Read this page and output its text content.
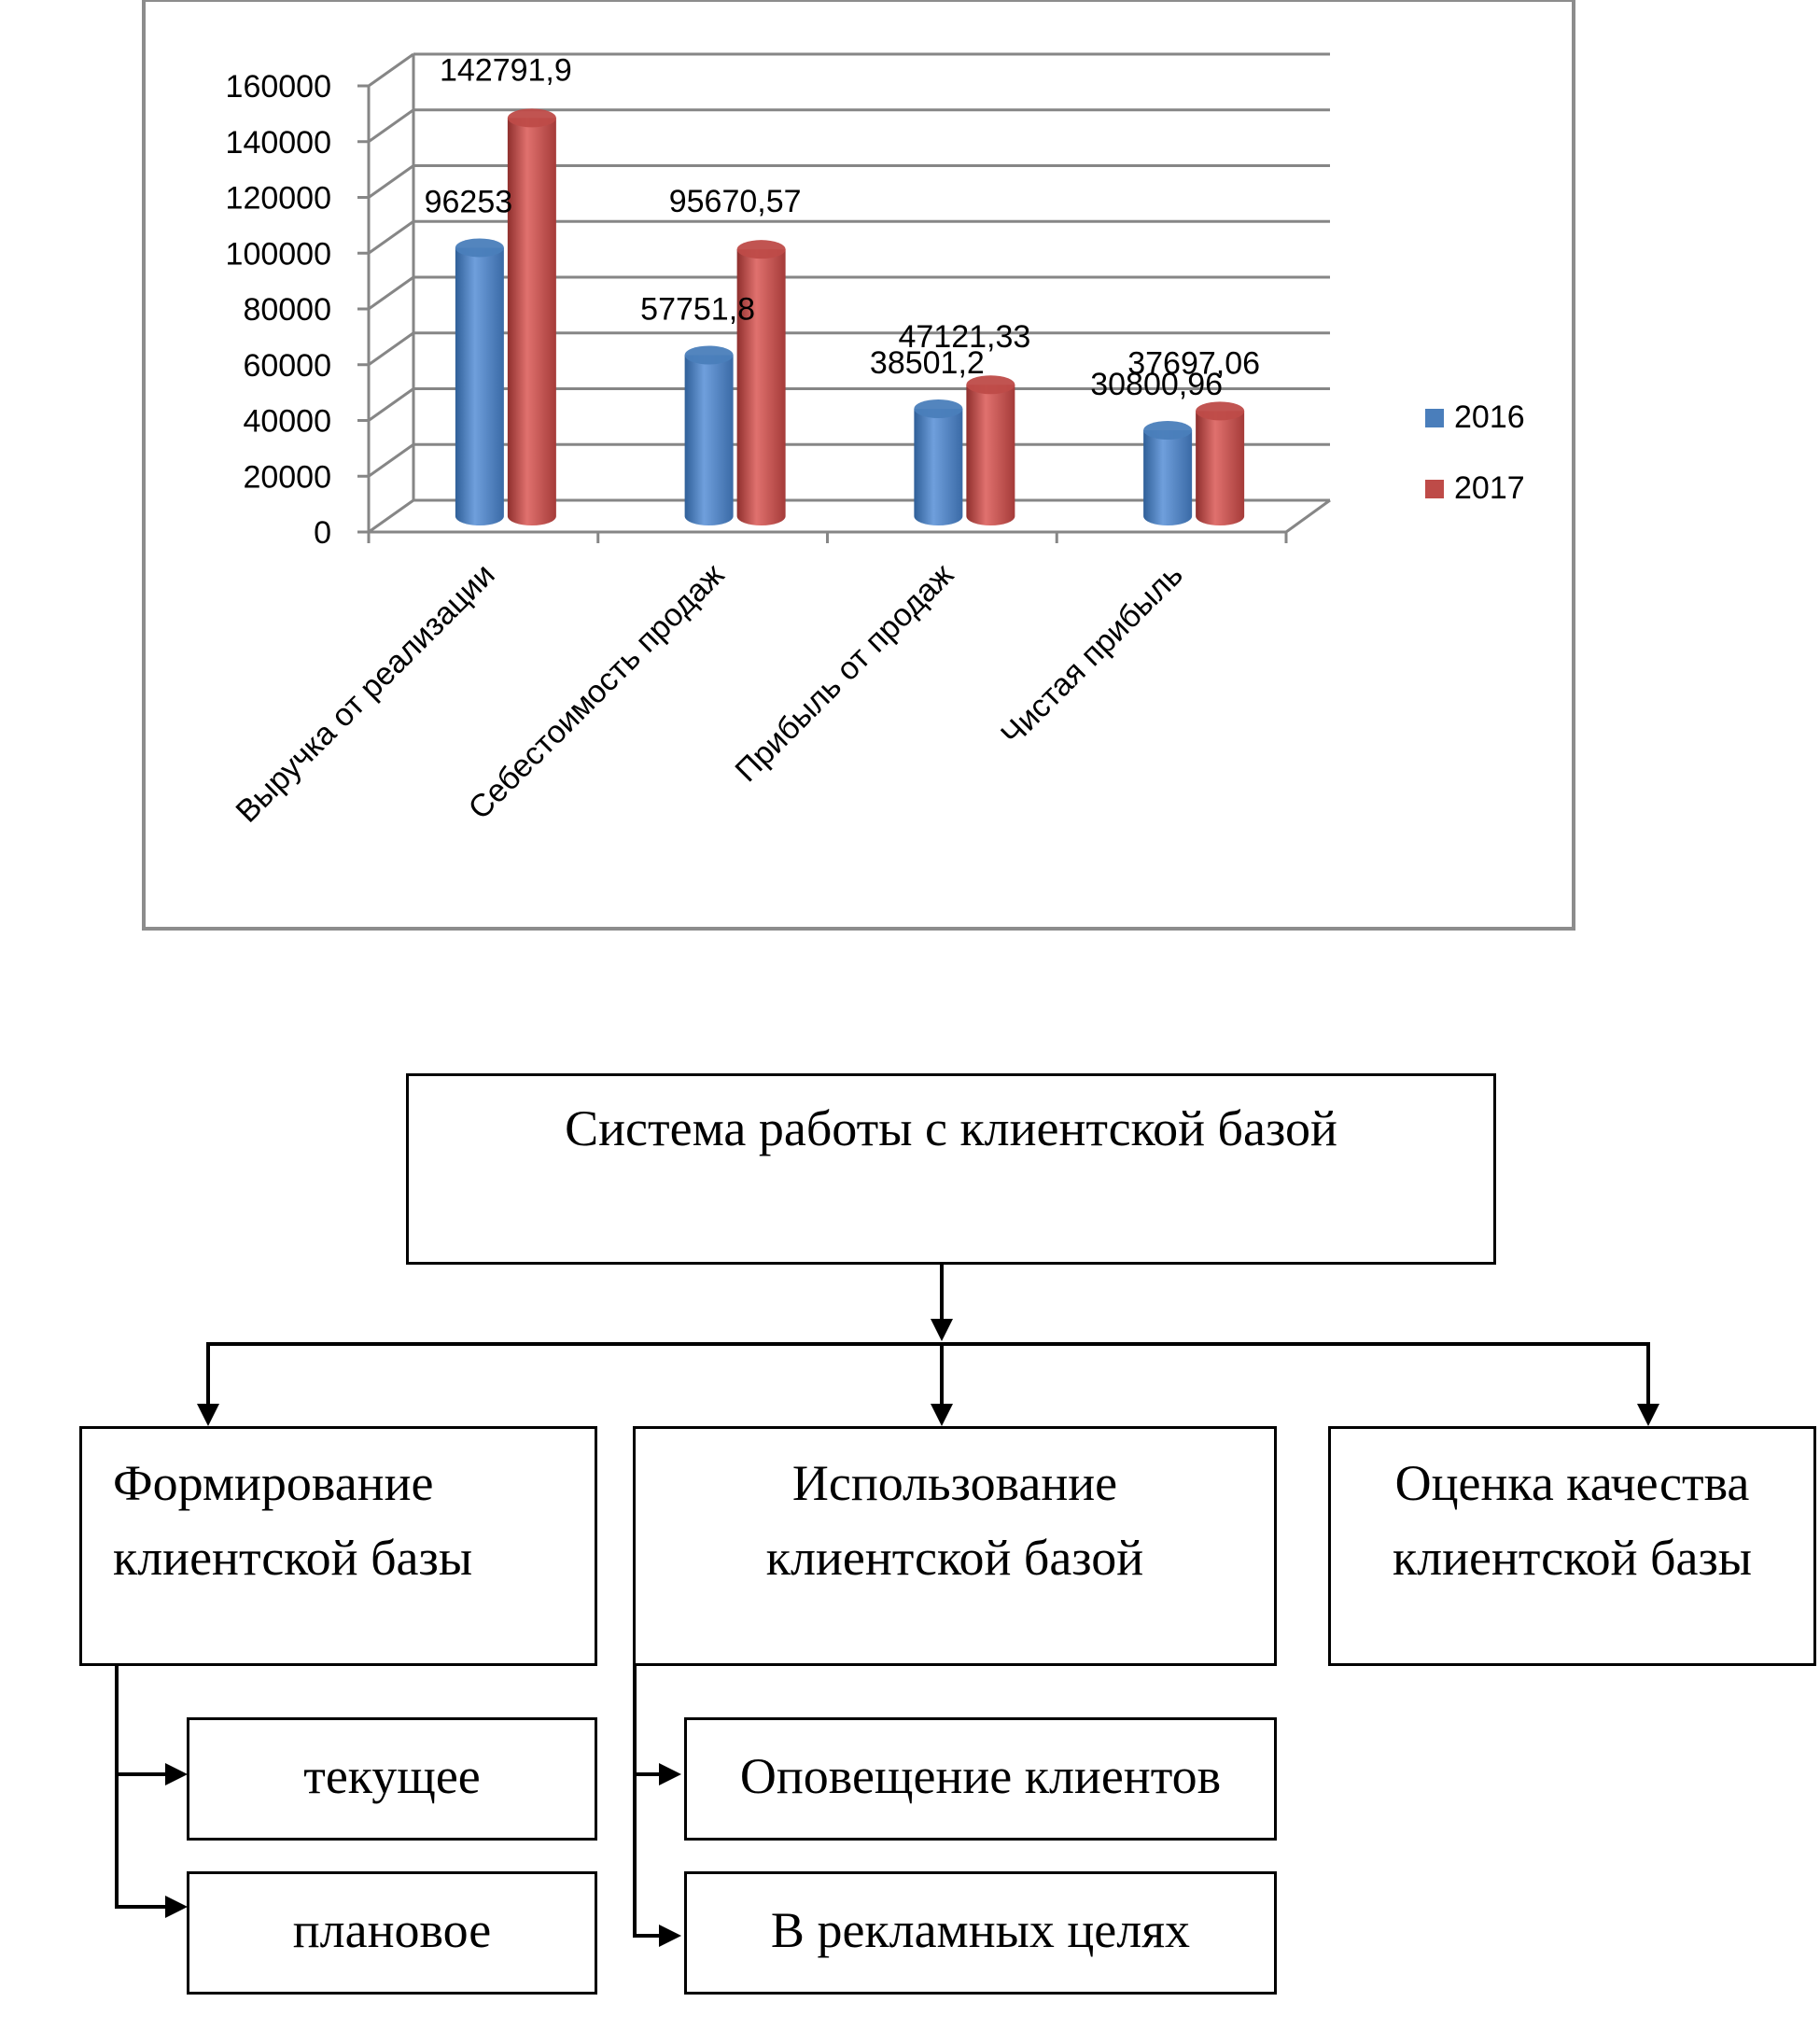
0
20000
40000
60000
80000
100000
120000
140000
160000
Выручка от реализации
Себестоимость продаж
Прибыль от продаж Чистая прибыль
96253
142791,9
57751,8
95670,57
38501,2
47121,33
30800,96
37697,06
2016
2017
Система работы с клиентской базой
Формирование
клиентской базы
Использование
клиентской базой
Оценка качества
клиентской базы
текущее
плановое
Оповещение клиентов
В рекламных целях
